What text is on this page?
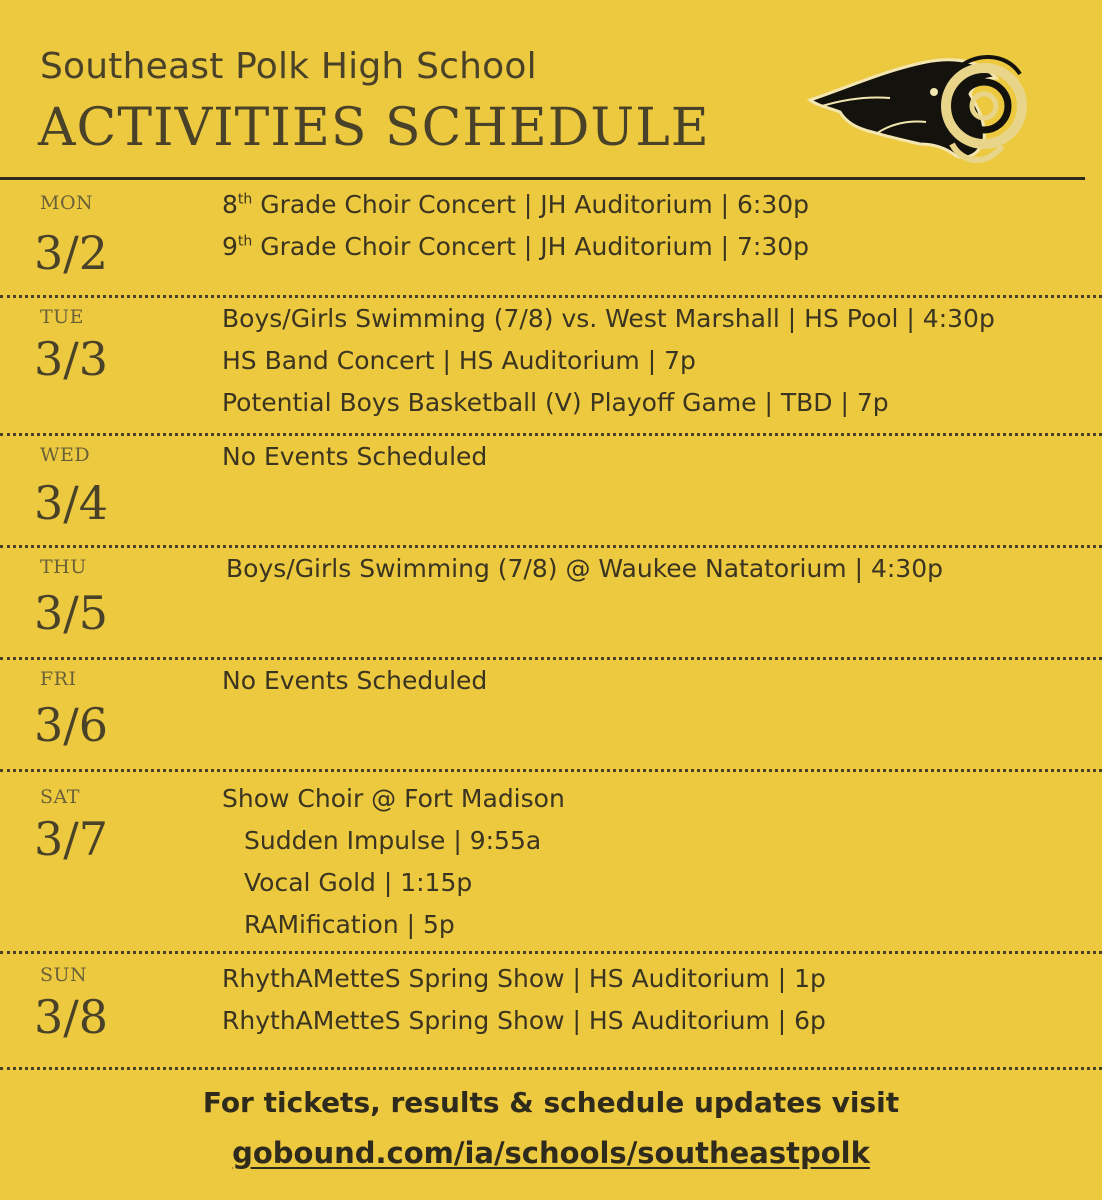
Southeast Polk High School
ACTIVITIES SCHEDULE
MON
3/2
8th Grade Choir Concert | JH Auditorium | 6:30p
9th Grade Choir Concert | JH Auditorium | 7:30p
TUE
3/3
Boys/Girls Swimming (7/8) vs. West Marshall | HS Pool | 4:30p
HS Band Concert | HS Auditorium | 7p
Potential Boys Basketball (V) Playoff Game | TBD | 7p
WED
3/4
No Events Scheduled
THU
3/5
Boys/Girls Swimming (7/8) @ Waukee Natatorium | 4:30p
FRI
3/6
No Events Scheduled
SAT
3/7
Show Choir @ Fort Madison
Sudden Impulse | 9:55a
Vocal Gold | 1:15p
RAMification | 5p
SUN
3/8
RhythAMetteS Spring Show | HS Auditorium | 1p
RhythAMetteS Spring Show | HS Auditorium | 6p
For tickets, results & schedule updates visit
gobound.com/ia/schools/southeastpolk
